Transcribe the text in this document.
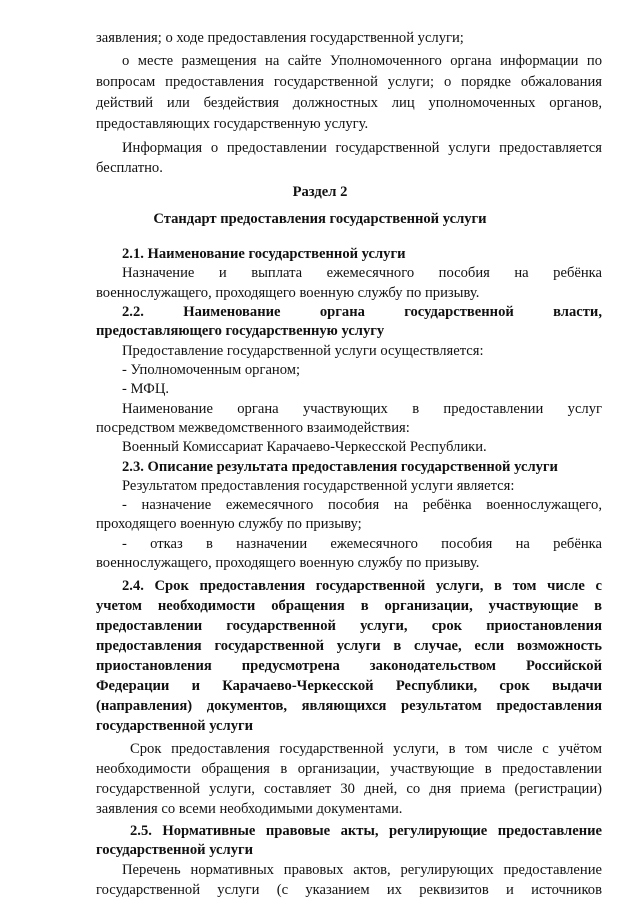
заявления; о ходе предоставления государственной услуги;
о месте размещения на сайте Уполномоченного органа информации по
вопросам предоставления государственной услуги; о порядке обжалования
действий или бездействия должностных лиц уполномоченных органов,
предоставляющих государственную услугу.
Информация о предоставлении государственной услуги предоставляется
бесплатно.
Раздел 2
Стандарт предоставления государственной услуги
2.1. Наименование государственной услуги
Назначение и выплата ежемесячного пособия на ребёнка
военнослужащего, проходящего военную службу по призыву.
2.2. Наименование органа государственной власти,
предоставляющего государственную услугу
Предоставление государственной услуги осуществляется:
- Уполномоченным органом;
- МФЦ.
Наименование органа участвующих в предоставлении услуг
посредством межведомственного взаимодействия:
Военный Комиссариат Карачаево-Черкесской Республики.
2.3. Описание результата предоставления государственной услуги
Результатом предоставления государственной услуги является:
- назначение ежемесячного пособия на ребёнка военнослужащего,
проходящего военную службу по призыву;
- отказ в назначении ежемесячного пособия на ребёнка
военнослужащего, проходящего военную службу по призыву.
2.4. Срок предоставления государственной услуги, в том числе с
учетом необходимости обращения в организации, участвующие в
предоставлении государственной услуги, срок приостановления
предоставления государственной услуги в случае, если возможность
приостановления предусмотрена законодательством Российской
Федерации и Карачаево-Черкесской Республики, срок выдачи
(направления) документов, являющихся результатом предоставления
государственной услуги
Срок предоставления государственной услуги, в том числе с учётом
необходимости обращения в организации, участвующие в предоставлении
государственной услуги, составляет 30 дней, со дня приема (регистрации)
заявления со всеми необходимыми документами.
2.5. Нормативные правовые акты, регулирующие предоставление
государственной услуги
Перечень нормативных правовых актов, регулирующих предоставление
государственной услуги (с указанием их реквизитов и источников
